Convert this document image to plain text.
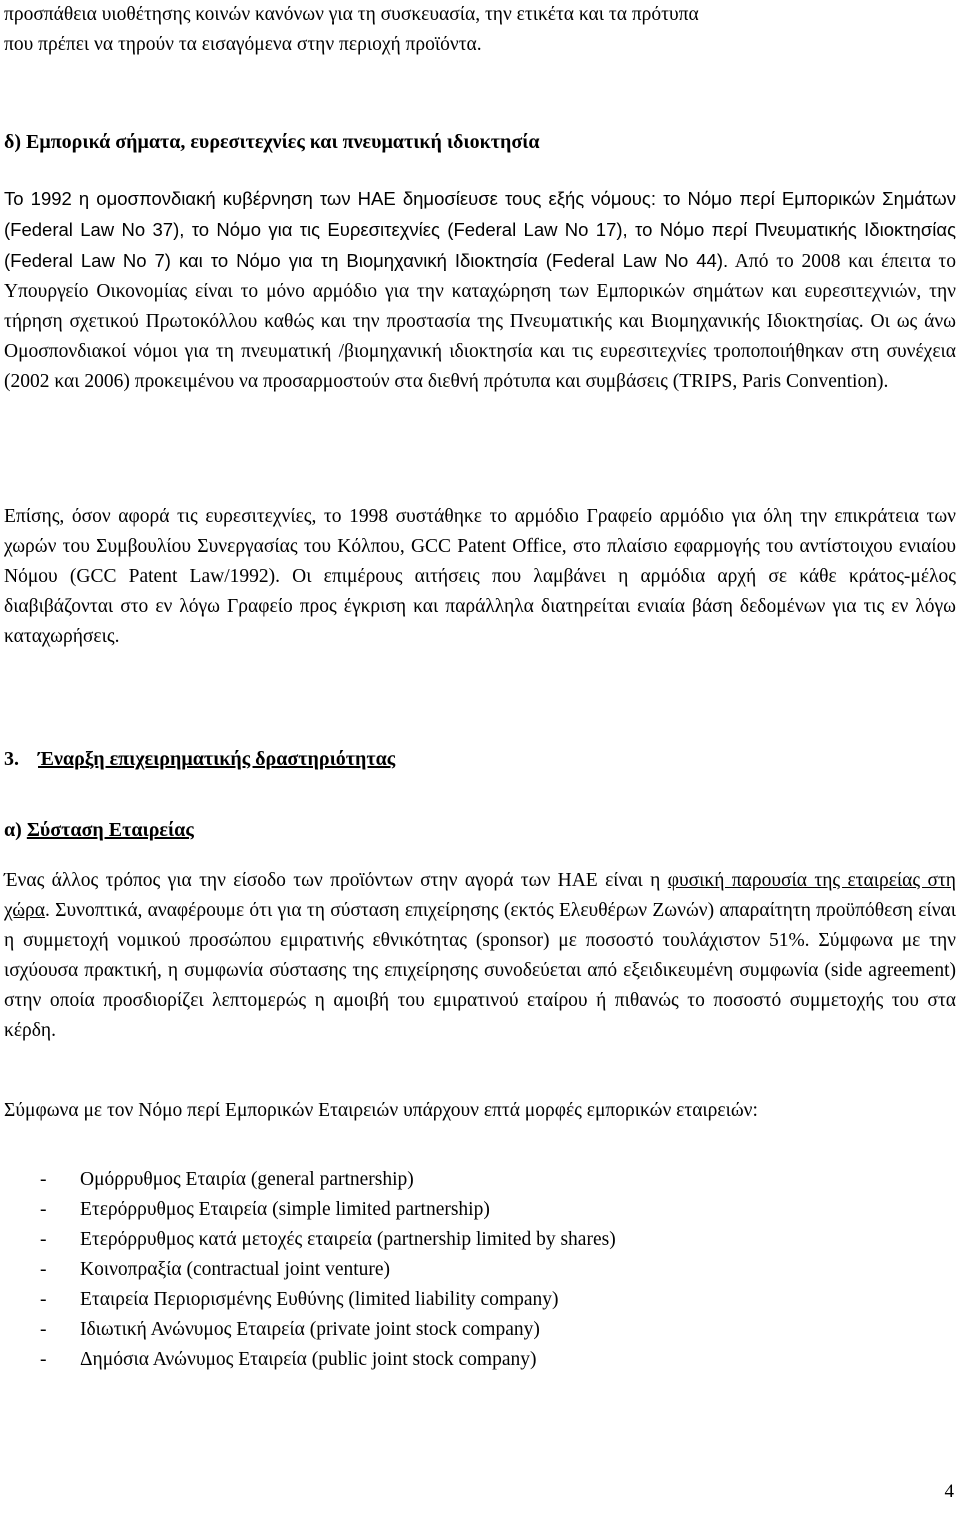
προσπάθεια υιοθέτησης κοινών κανόνων για τη συσκευασία, την ετικέτα και τα πρότυπα
που πρέπει να τηρούν τα εισαγόμενα στην περιοχή προϊόντα.

δ) Εμπορικά σήματα, ευρεσιτεχνίες και πνευματική ιδιοκτησία

Το 1992 η ομοσπονδιακή κυβέρνηση των ΗΑΕ δημοσίευσε τους εξής νόμους: το Νόμο περί Εμπορικών Σημάτων (Federal Law No 37), το Νόμο για τις Ευρεσιτεχνίες (Federal Law No 17), το Νόμο περί Πνευματικής Ιδιοκτησίας (Federal Law No 7) και το Νόμο για τη Βιομηχανική Ιδιοκτησία (Federal Law No 44). Από το 2008 και έπειτα το Υπουργείο Οικονομίας είναι το μόνο αρμόδιο για την καταχώρηση των Εμπορικών σημάτων και ευρεσιτεχνιών, την τήρηση σχετικού Πρωτοκόλλου καθώς και την προστασία της Πνευματικής και Βιομηχανικής Ιδιοκτησίας. Οι ως άνω Ομοσπονδιακοί νόμοι για τη πνευματική /βιομηχανική ιδιοκτησία και τις ευρεσιτεχνίες τροποποιήθηκαν στη συνέχεια (2002 και 2006) προκειμένου να προσαρμοστούν στα διεθνή πρότυπα και συμβάσεις (TRIPS, Paris Convention).

Επίσης, όσον αφορά τις ευρεσιτεχνίες, το 1998 συστάθηκε το αρμόδιο Γραφείο αρμόδιο για όλη την επικράτεια των χωρών του Συμβουλίου Συνεργασίας του Κόλπου, GCC Patent Office, στο πλαίσιο εφαρμογής του αντίστοιχου ενιαίου Νόμου (GCC Patent Law/1992). Οι επιμέρους αιτήσεις που λαμβάνει η αρμόδια αρχή σε κάθε κράτος-μέλος διαβιβάζονται στο εν λόγω Γραφείο προς έγκριση και παράλληλα διατηρείται ενιαία βάση δεδομένων για τις εν λόγω καταχωρήσεις.

3. Έναρξη επιχειρηματικής δραστηριότητας

α) Σύσταση Εταιρείας

Ένας άλλος τρόπος για την είσοδο των προϊόντων στην αγορά των ΗΑΕ είναι η φυσική παρουσία της εταιρείας στη χώρα. Συνοπτικά, αναφέρουμε ότι για τη σύσταση επιχείρησης (εκτός Ελευθέρων Ζωνών) απαραίτητη προϋπόθεση είναι η συμμετοχή νομικού προσώπου εμιρατινής εθνικότητας (sponsor) με ποσοστό τουλάχιστον 51%. Σύμφωνα με την ισχύουσα πρακτική, η συμφωνία σύστασης της επιχείρησης συνοδεύεται από εξειδικευμένη συμφωνία (side agreement) στην οποία προσδιορίζει λεπτομερώς η αμοιβή του εμιρατινού εταίρου ή πιθανώς το ποσοστό συμμετοχής του στα κέρδη.

Σύμφωνα με τον Νόμο περί Εμπορικών Εταιρειών υπάρχουν επτά μορφές εμπορικών εταιρειών:

-	Ομόρρυθμος Εταιρία (general partnership)
-	Ετερόρρυθμος Εταιρεία (simple limited partnership)
-	Ετερόρρυθμος κατά μετοχές εταιρεία (partnership limited by shares)
-	Κοινοπραξία (contractual joint venture)
-	Εταιρεία Περιορισμένης Ευθύνης (limited liability company)
-	Ιδιωτική Ανώνυμος Εταιρεία (private joint stock company)
-	Δημόσια Ανώνυμος Εταιρεία (public joint stock company)
4
